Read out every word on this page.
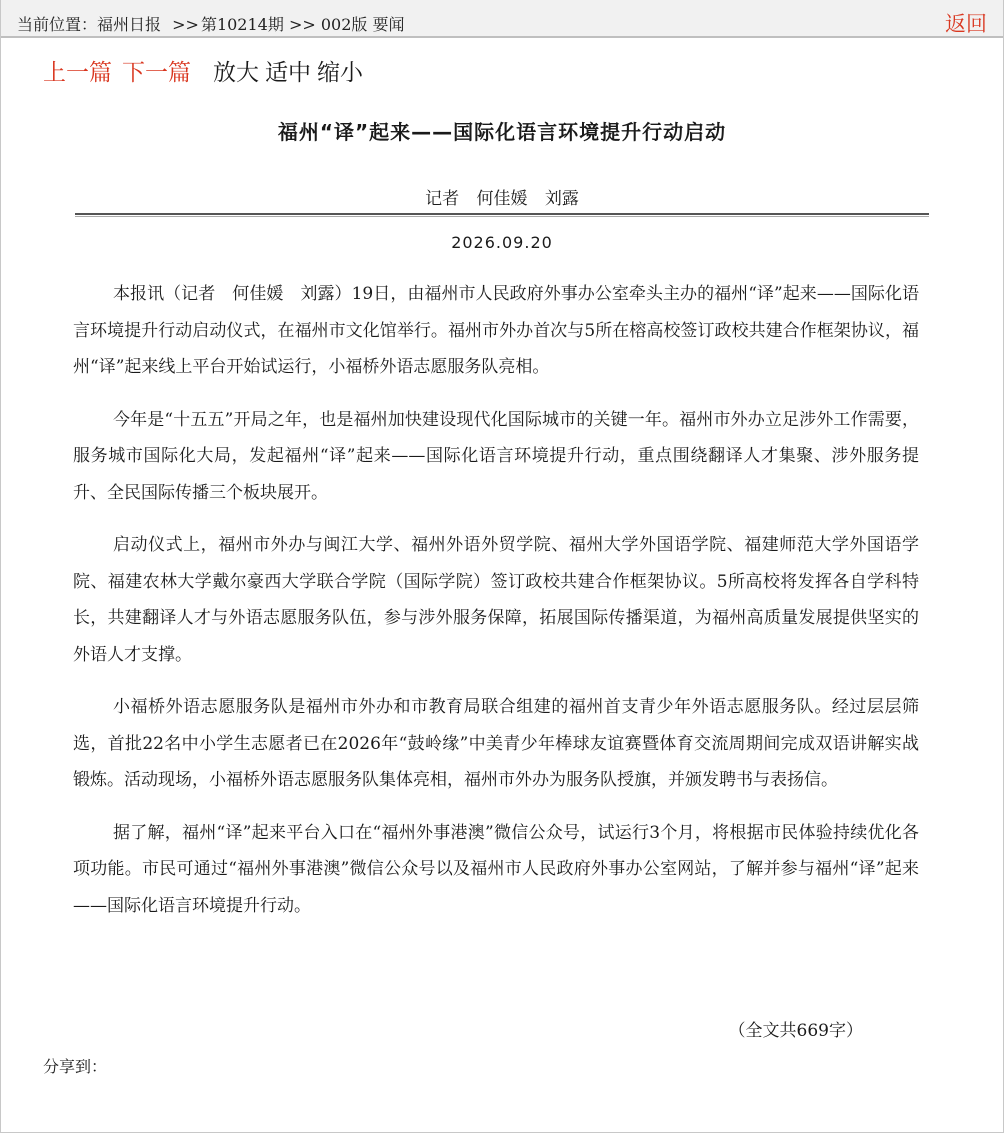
当前位置：福州日报 >> 第10214期 >> 002版 要闻	返回
上一篇 下一篇 放大 适中 缩小
福州“译”起来——国际化语言环境提升行动启动
记者 何佳媛 刘露
2026.09.20

本报讯（记者　何佳媛　刘露）19日，由福州市人民政府外事办公室牵头主办的福州“译”起来——国际化语言环境提升行动启动仪式，在福州市文化馆举行。福州市外办首次与5所在榕高校签订政校共建合作框架协议，福州“译”起来线上平台开始试运行，小福桥外语志愿服务队亮相。

今年是“十五五”开局之年，也是福州加快建设现代化国际城市的关键一年。福州市外办立足涉外工作需要，服务城市国际化大局，发起福州“译”起来——国际化语言环境提升行动，重点围绕翻译人才集聚、涉外服务提升、全民国际传播三个板块展开。

启动仪式上，福州市外办与闽江大学、福州外语外贸学院、福州大学外国语学院、福建师范大学外国语学院、福建农林大学戴尔豪西大学联合学院（国际学院）签订政校共建合作框架协议。5所高校将发挥各自学科特长，共建翻译人才与外语志愿服务队伍，参与涉外服务保障，拓展国际传播渠道，为福州高质量发展提供坚实的外语人才支撑。

小福桥外语志愿服务队是福州市外办和市教育局联合组建的福州首支青少年外语志愿服务队。经过层层筛选，首批22名中小学生志愿者已在2026年“鼓岭缘”中美青少年棒球友谊赛暨体育交流周期间完成双语讲解实战锻炼。活动现场，小福桥外语志愿服务队集体亮相，福州市外办为服务队授旗，并颁发聘书与表扬信。

据了解，福州“译”起来平台入口在“福州外事港澳”微信公众号，试运行3个月，将根据市民体验持续优化各项功能。市民可通过“福州外事港澳”微信公众号以及福州市人民政府外事办公室网站，了解并参与福州“译”起来——国际化语言环境提升行动。

（全文共669字）
分享到：
